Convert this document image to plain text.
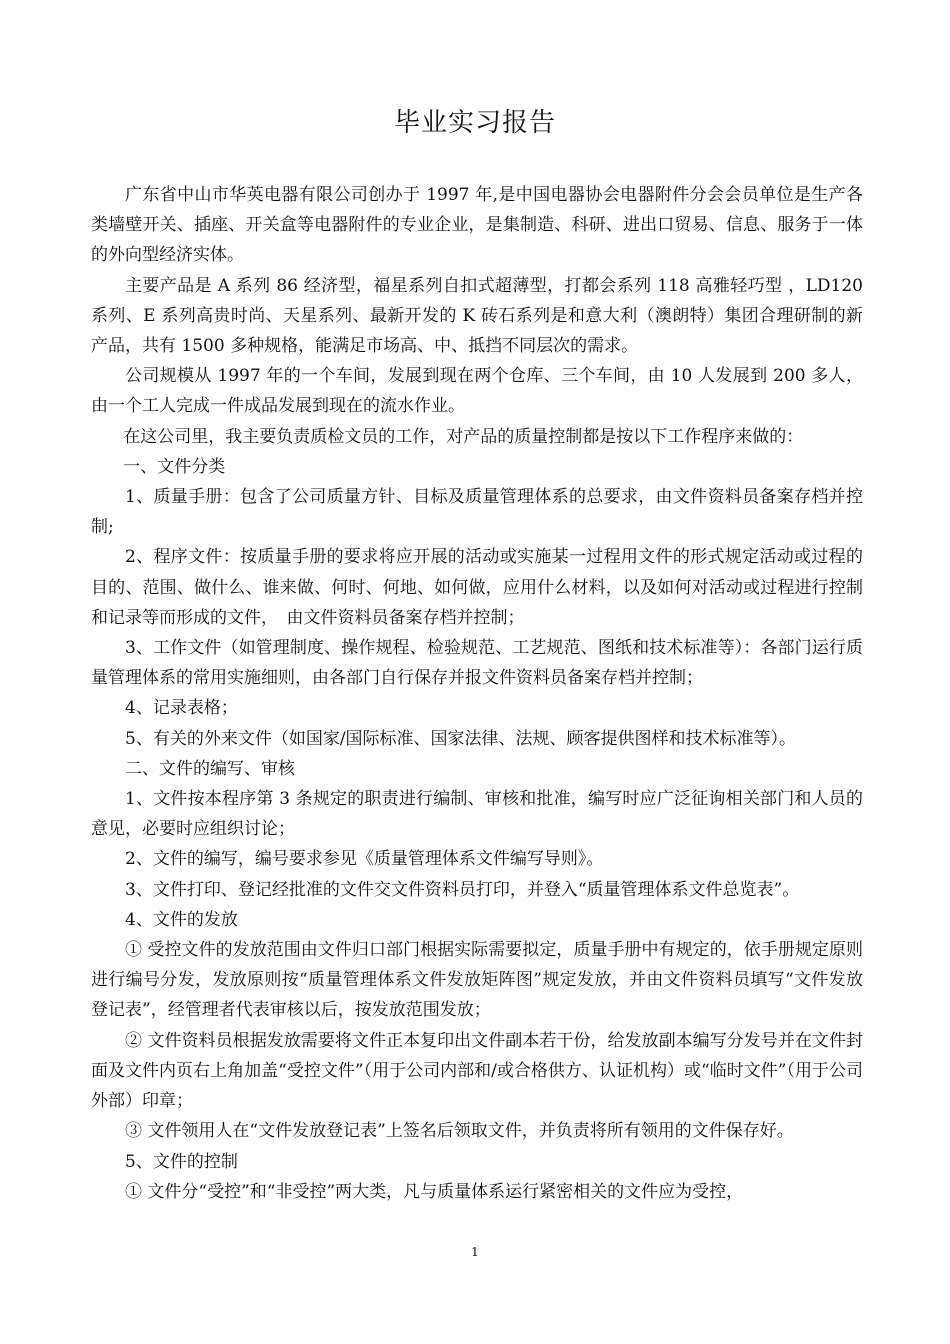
毕业实习报告

广东省中山市华英电器有限公司创办于 1997 年,是中国电器协会电器附件分会会员单位是生产各类墙壁开关、插座、开关盒等电器附件的专业企业，是集制造、科研、进出口贸易、信息、服务于一体的外向型经济实体。

主要产品是 A 系列 86 经济型，福星系列自扣式超薄型，打都会系列 118 高雅轻巧型 ，LD120 系列、E 系列高贵时尚、天星系列、最新开发的 K 砖石系列是和意大利（澳朗特）集团合理研制的新产品，共有 1500 多种规格，能满足市场高、中、抵挡不同层次的需求。

公司规模从 1997 年的一个车间，发展到现在两个仓库、三个车间，由 10 人发展到 200 多人，由一个工人完成一件成品发展到现在的流水作业。

在这公司里，我主要负责质检文员的工作，对产品的质量控制都是按以下工作程序来做的：

一、文件分类

1、质量手册：包含了公司质量方针、目标及质量管理体系的总要求，由文件资料员备案存档并控制;

2、程序文件：按质量手册的要求将应开展的活动或实施某一过程用文件的形式规定活动或过程的目的、范围、做什么、谁来做、何时、何地、如何做，应用什么材料，以及如何对活动或过程进行控制和记录等而形成的文件，　由文件资料员备案存档并控制；

3、工作文件（如管理制度、操作规程、检验规范、工艺规范、图纸和技术标准等）：各部门运行质量管理体系的常用实施细则，由各部门自行保存并报文件资料员备案存档并控制；

4、记录表格；

5、有关的外来文件（如国家/国际标准、国家法律、法规、顾客提供图样和技术标准等）。

二、文件的编写、审核

1、文件按本程序第 3 条规定的职责进行编制、审核和批准，编写时应广泛征询相关部门和人员的意见，必要时应组织讨论；

2、文件的编写，编号要求参见《质量管理体系文件编写导则》。

3、文件打印、登记经批准的文件交文件资料员打印，并登入“质量管理体系文件总览表”。

4、文件的发放

① 受控文件的发放范围由文件归口部门根据实际需要拟定，质量手册中有规定的，依手册规定原则进行编号分发，发放原则按“质量管理体系文件发放矩阵图”规定发放，并由文件资料员填写“文件发放登记表”，经管理者代表审核以后，按发放范围发放；

② 文件资料员根据发放需要将文件正本复印出文件副本若干份，给发放副本编写分发号并在文件封面及文件内页右上角加盖“受控文件”（用于公司内部和/或合格供方、认证机构）或“临时文件”（用于公司外部）印章；

③ 文件领用人在“文件发放登记表”上签名后领取文件，并负责将所有领用的文件保存好。

5、文件的控制

① 文件分“受控”和“非受控”两大类，凡与质量体系运行紧密相关的文件应为受控，

1
